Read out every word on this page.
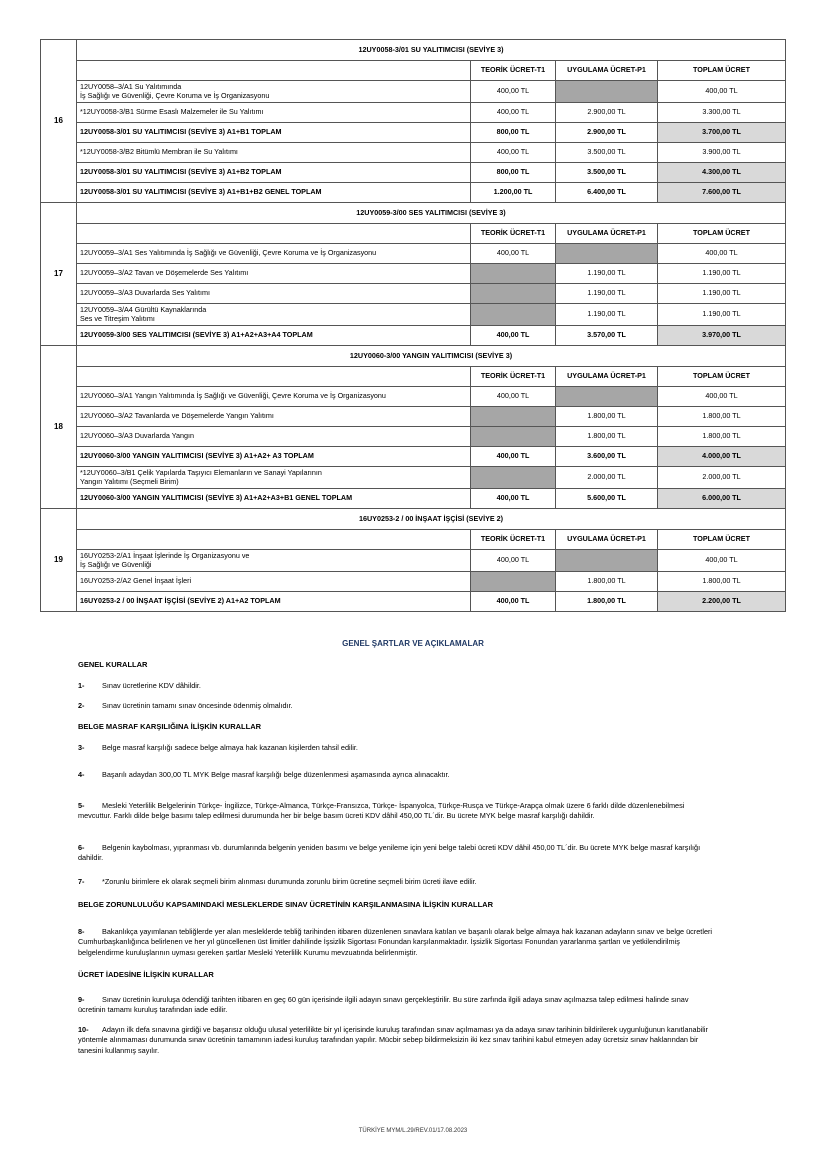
16	12UY0058-3/01 SU YALITIMCISI (SEVİYE 3)			
		TEORİK ÜCRET-T1	UYGULAMA ÜCRET-P1	TOPLAM ÜCRET
	12UY0058–3/A1 Su Yalıtımında
İş Sağlığı ve Güvenliği, Çevre Koruma ve İş Organizasyonu	400,00 TL		400,00 TL
	*12UY0058-3/B1 Sürme Esaslı Malzemeler ile Su Yalıtımı	400,00 TL	2.900,00 TL	3.300,00 TL
	12UY0058-3/01 SU YALITIMCISI (SEVİYE 3) A1+B1 TOPLAM	800,00 TL	2.900,00 TL	3.700,00 TL
	*12UY0058-3/B2 Bitümlü Membran ile Su Yalıtımı	400,00 TL	3.500,00 TL	3.900,00 TL
	12UY0058-3/01 SU YALITIMCISI (SEVİYE 3) A1+B2 TOPLAM	800,00 TL	3.500,00 TL	4.300,00 TL
	12UY0058-3/01 SU YALITIMCISI (SEVİYE 3) A1+B1+B2 GENEL TOPLAM	1.200,00 TL	6.400,00 TL	7.600,00 TL
17	12UY0059-3/00 SES YALITIMCISI (SEVİYE 3)			
		TEORİK ÜCRET-T1	UYGULAMA ÜCRET-P1	TOPLAM ÜCRET
	12UY0059–3/A1 Ses Yalıtımında İş Sağlığı ve Güvenliği, Çevre Koruma ve İş Organizasyonu	400,00 TL		400,00 TL
	12UY0059–3/A2 Tavan ve Döşemelerde Ses Yalıtımı		1.190,00 TL	1.190,00 TL
	12UY0059–3/A3 Duvarlarda Ses Yalıtımı		1.190,00 TL	1.190,00 TL
	12UY0059–3/A4 Gürültü Kaynaklarında
Ses ve Titreşim Yalıtımı		1.190,00 TL	1.190,00 TL
	12UY0059-3/00 SES YALITIMCISI (SEVİYE 3) A1+A2+A3+A4 TOPLAM	400,00 TL	3.570,00 TL	3.970,00 TL
18	12UY0060-3/00 YANGIN YALITIMCISI (SEVİYE 3)			
		TEORİK ÜCRET-T1	UYGULAMA ÜCRET-P1	TOPLAM ÜCRET
	12UY0060–3/A1 Yangın Yalıtımında İş Sağlığı ve Güvenliği, Çevre Koruma ve İş Organizasyonu	400,00 TL		400,00 TL
	12UY0060–3/A2 Tavanlarda ve Döşemelerde Yangın Yalıtımı		1.800,00 TL	1.800,00 TL
	12UY0060–3/A3 Duvarlarda Yangın		1.800,00 TL	1.800,00 TL
	12UY0060-3/00 YANGIN YALITIMCISI (SEVİYE 3) A1+A2+ A3 TOPLAM	400,00 TL	3.600,00 TL	4.000,00 TL
	*12UY0060–3/B1 Çelik Yapılarda Taşıyıcı Elemanların ve Sanayi Yapılarının
Yangın Yalıtımı (Seçmeli Birim)		2.000,00 TL	2.000,00 TL
	12UY0060-3/00 YANGIN YALITIMCISI (SEVİYE 3) A1+A2+A3+B1 GENEL TOPLAM	400,00 TL	5.600,00 TL	6.000,00 TL
19	16UY0253-2 / 00 İNŞAAT İŞÇİSİ (SEVİYE 2)			
		TEORİK ÜCRET-T1	UYGULAMA ÜCRET-P1	TOPLAM ÜCRET
	16UY0253-2/A1 İnşaat İşlerinde İş Organizasyonu ve
İş Sağlığı ve Güvenliği	400,00 TL		400,00 TL
	16UY0253-2/A2 Genel İnşaat İşleri		1.800,00 TL	1.800,00 TL
	16UY0253-2 / 00 İNŞAAT İŞÇİSİ (SEVİYE 2) A1+A2 TOPLAM	400,00 TL	1.800,00 TL	2.200,00 TL
GENEL ŞARTLAR VE AÇIKLAMALAR
GENEL KURALLAR
1- Sınav ücretlerine KDV dâhildir.
2- Sınav ücretinin tamamı sınav öncesinde ödenmiş olmalıdır.
BELGE MASRAF KARŞILIĞINA İLİŞKİN KURALLAR
3- Belge masraf karşılığı sadece belge almaya hak kazanan kişilerden tahsil edilir.
4- Başarılı adaydan 300,00 TL MYK Belge masraf karşılığı belge düzenlenmesi aşamasında ayrıca alınacaktır.
5- Mesleki Yeterlilik Belgelerinin Türkçe- İngilizce, Türkçe-Almanca, Türkçe-Fransızca, Türkçe- İspanyolca, Türkçe-Rusça ve Türkçe-Arapça olmak üzere 6 farklı dilde düzenlenebilmesi mevcuttur. Farklı dilde belge basımı talep edilmesi durumunda her bir belge basım ücreti KDV dâhil 450,00 TL´dir. Bu ücrete MYK belge masraf karşılığı dahildir.
6- Belgenin kaybolması, yıpranması vb. durumlarında belgenin yeniden basımı ve belge yenileme için yeni belge talebi ücreti KDV dâhil 450,00 TL´dir. Bu ücrete MYK belge masraf karşılığı dahildir.
7- *Zorunlu birimlere ek olarak seçmeli birim alınması durumunda zorunlu birim ücretine seçmeli birim ücreti ilave edilir.
BELGE ZORUNLULUĞU KAPSAMINDAKİ MESLEKLERDE SINAV ÜCRETİNİN KARŞILANMASINA İLİŞKİN KURALLAR
8- Bakanlıkça yayımlanan tebliğlerde yer alan mesleklerde tebliğ tarihinden itibaren düzenlenen sınavlara katılan ve başarılı olarak belge almaya hak kazanan adayların sınav ve belge ücretleri Cumhurbaşkanlığınca belirlenen ve her yıl güncellenen üst limitler dahilinde İşsizlik Sigortası Fonundan karşılanmaktadır. İşsizlik Sigortası Fonundan yararlanma şartları ve yetkilendirilmiş belgelendirme kuruluşlarının uyması gereken şartlar Mesleki Yeterlilik Kurumu mevzuatında belirlenmiştir.
ÜCRET İADESİNE İLİŞKİN KURALLAR
9- Sınav ücretinin kuruluşa ödendiği tarihten itibaren en geç 60 gün içerisinde ilgili adayın sınavı gerçekleştirilir. Bu süre zarfında ilgili adaya sınav açılmazsa talep edilmesi halinde sınav ücretinin tamamı kuruluş tarafından iade edilir.
10- Adayın ilk defa sınavına girdiği ve başarısız olduğu ulusal yeterlilikte bir yıl içerisinde kuruluş tarafından sınav açılmaması ya da adaya sınav tarihinin bildirilerek uygunluğunun kanıtlanabilir yöntemle alınmaması durumunda sınav ücretinin tamamının iadesi kuruluş tarafından yapılır. Mücbir sebep bildirmeksizin iki kez sınav tarihini kabul etmeyen aday ücretsiz sınav haklarından bir tanesini kullanmış sayılır.
TÜRKİYE MYM/L.29/REV.01/17.08.2023
